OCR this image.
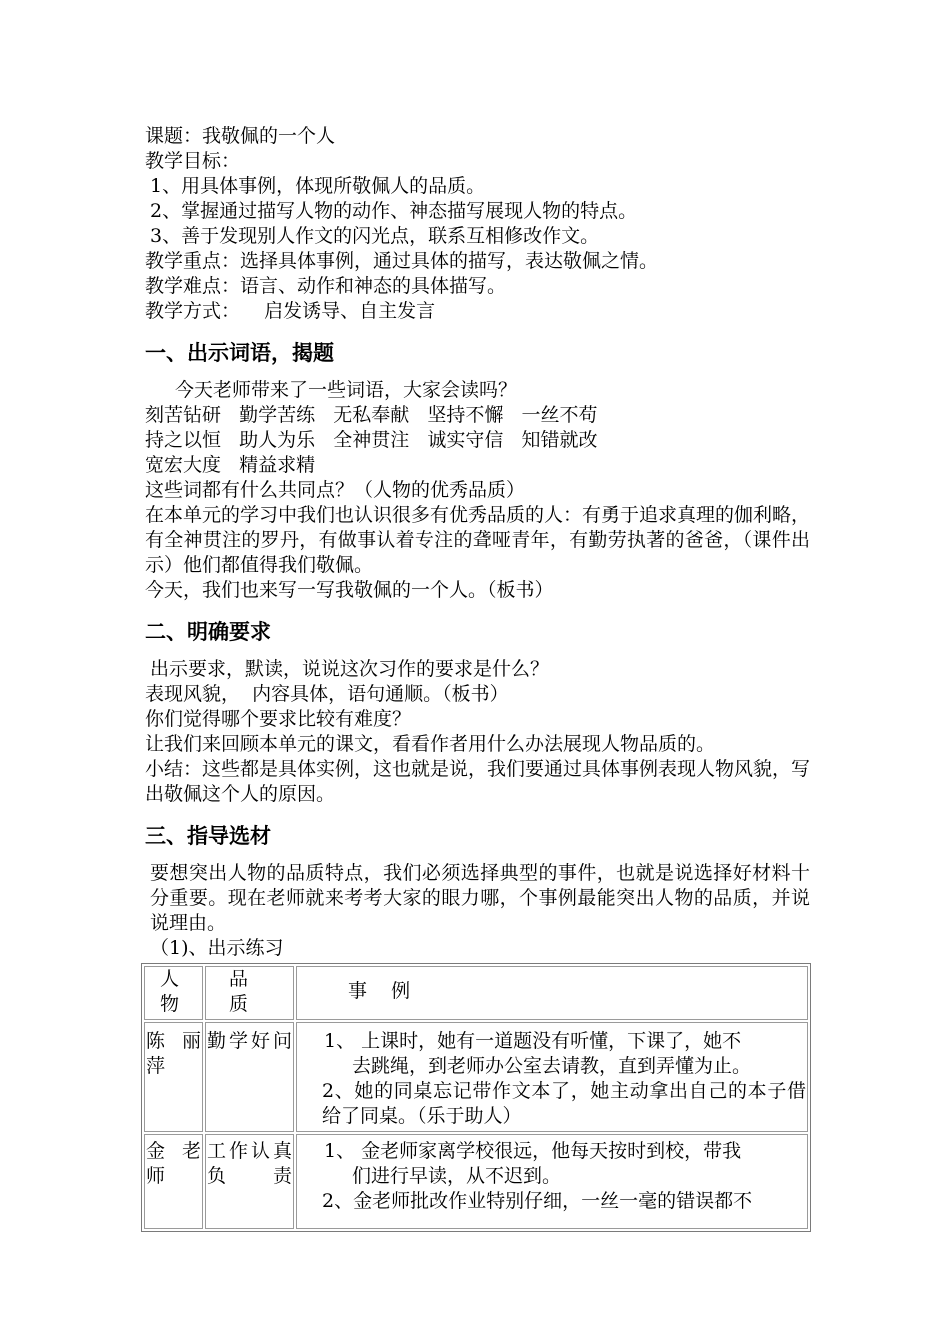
课题：我敬佩的一个人
教学目标：
1、用具体事例，体现所敬佩人的品质。
2、掌握通过描写人物的动作、神态描写展现人物的特点。
3、善于发现别人作文的闪光点，联系互相修改作文。
教学重点：选择具体事例，通过具体的描写，表达敬佩之情。
教学难点：语言、动作和神态的具体描写。
教学方式：    启发诱导、自主发言
一、出示词语，揭题
今天老师带来了一些词语，大家会读吗？
刻苦钻研   勤学苦练   无私奉献   坚持不懈   一丝不苟
持之以恒   助人为乐   全神贯注   诚实守信   知错就改
宽宏大度   精益求精
这些词都有什么共同点？（人物的优秀品质）
在本单元的学习中我们也认识很多有优秀品质的人：有勇于追求真理的伽利略，有全神贯注的罗丹，有做事认着专注的聋哑青年，有勤劳执著的爸爸，（课件出示）他们都值得我们敬佩。
今天，我们也来写一写我敬佩的一个人。（板书）
二、明确要求
出示要求，默读，说说这次习作的要求是什么？
表现风貌，  内容具体，语句通顺。（板书）
你们觉得哪个要求比较有难度？
让我们来回顾本单元的课文，看看作者用什么办法展现人物品质的。
小结：这些都是具体实例，这也就是说，我们要通过具体事例表现人物风貌，写出敬佩这个人的原因。
三、指导选材
要想突出人物的品质特点，我们必须选择典型的事件，也就是说选择好材料十分重要。现在老师就来考考大家的眼力哪，个事例最能突出人物的品质，并说说理由。
（1)、出示练习
人 物	品 质	事    例

陈丽萍	勤学好问	1、 上课时，她有一道题没有听懂，下课了，她不
去跳绳，到老师办公室去请教，直到弄懂为止。
2、她的同桌忘记带作文本了，她主动拿出自己的本子借给了同桌。（乐于助人）

金老师	工作认真负责	1、 金老师家离学校很远，他每天按时到校，带我
们进行早读，从不迟到。
2、金老师批改作业特别仔细，一丝一毫的错误都不
